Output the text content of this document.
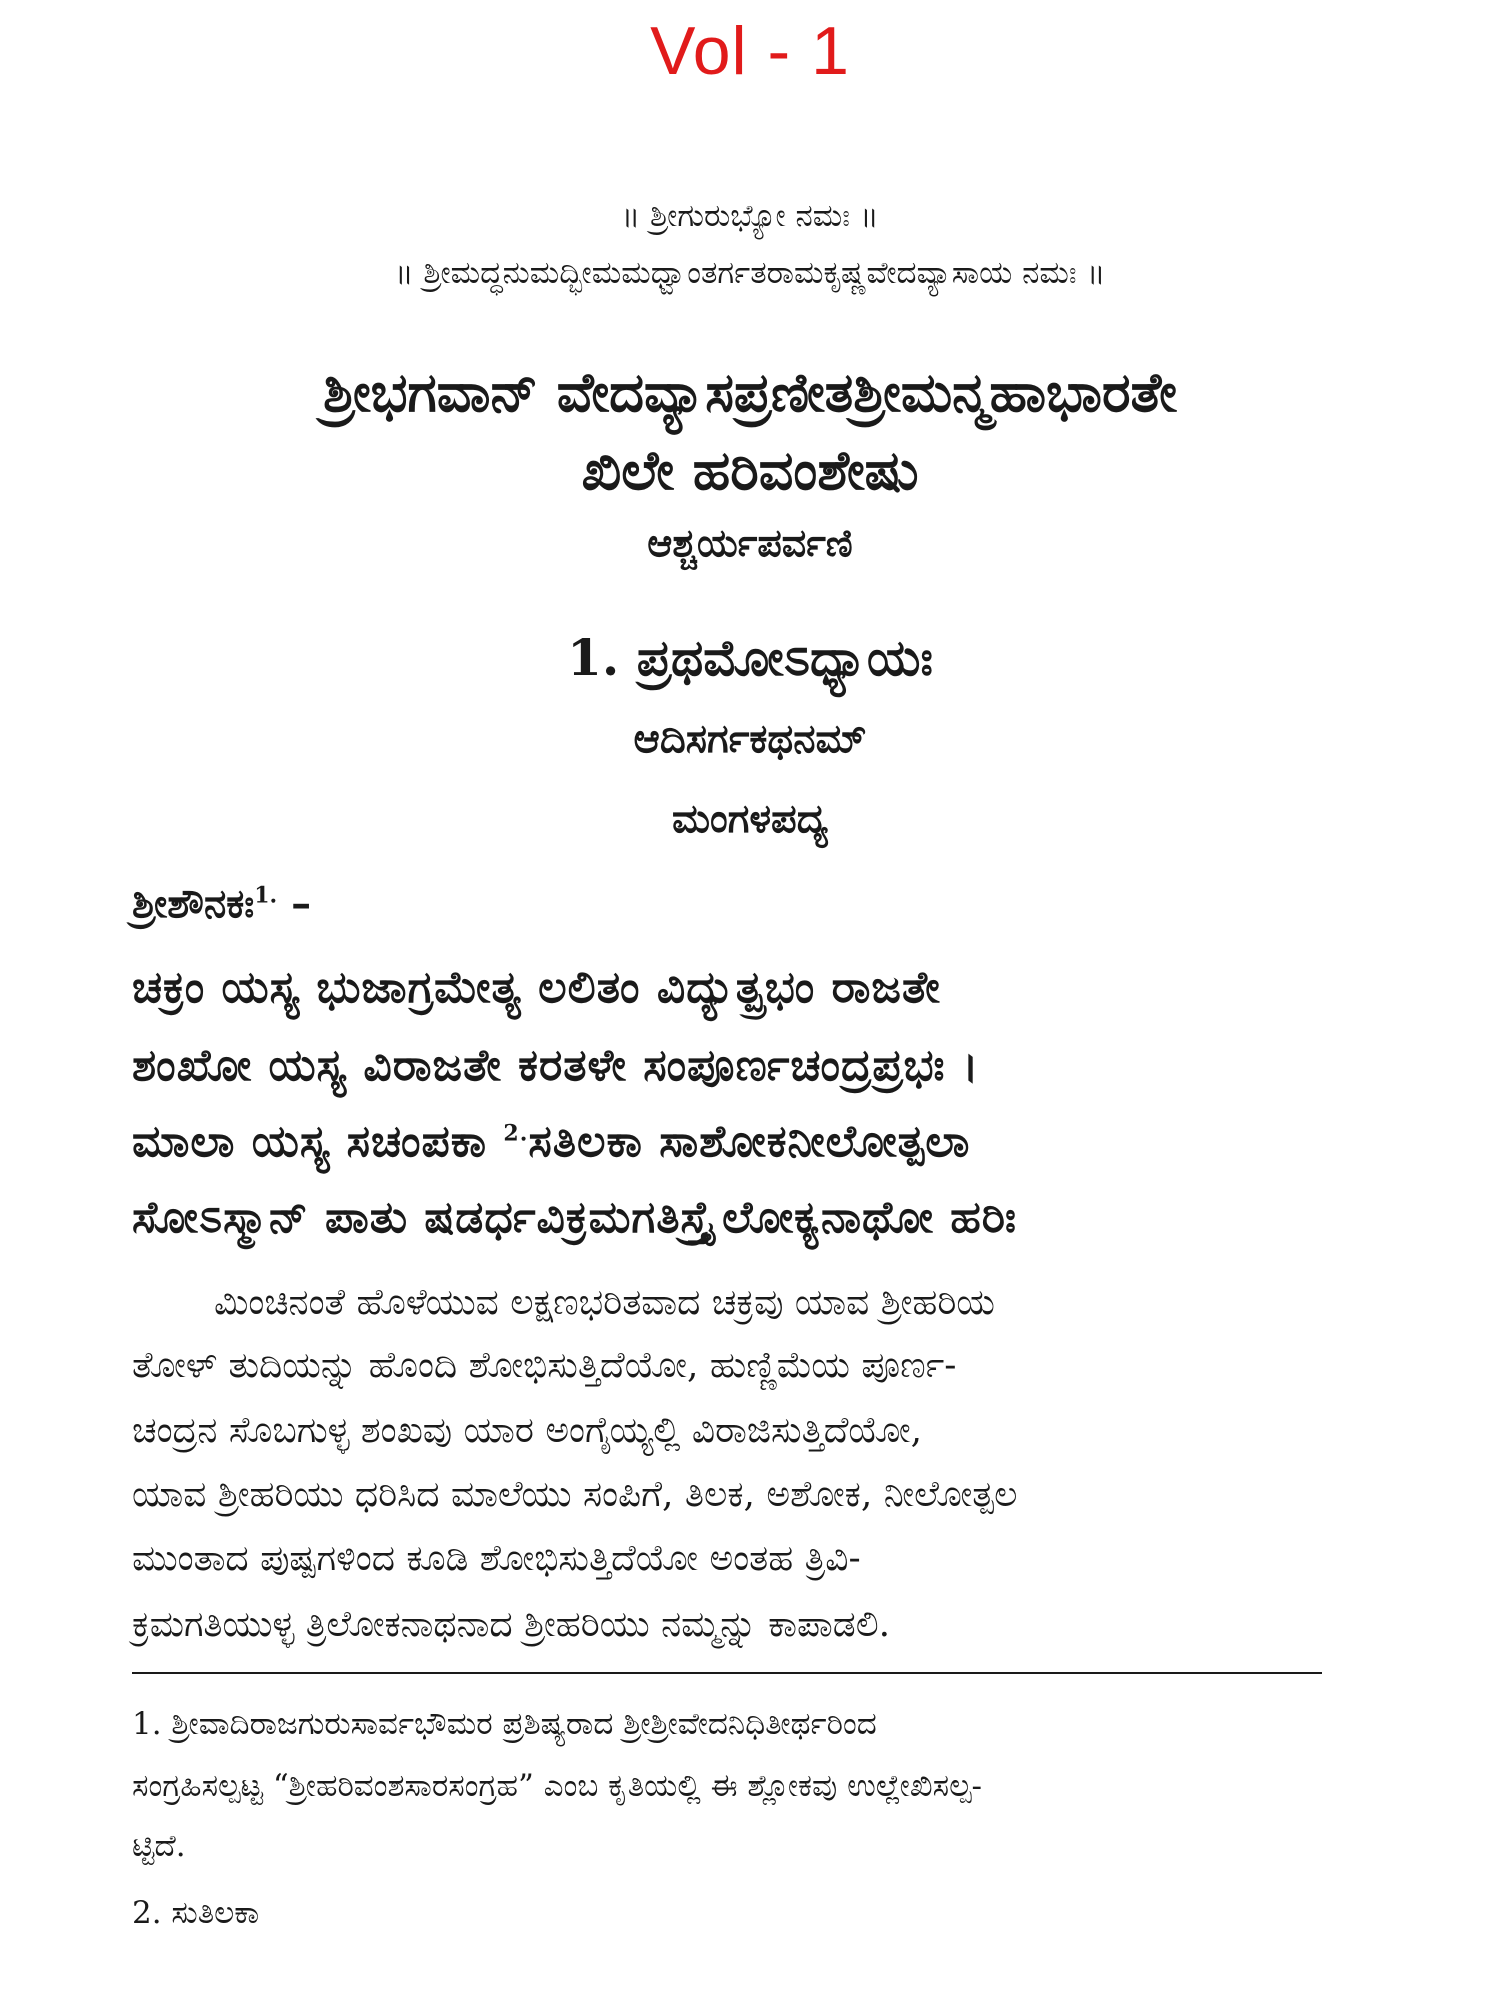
Vol - 1
॥ ಶ್ರೀಗುರುಭ್ಯೋ ನಮಃ ॥
॥ ಶ್ರೀಮದ್ಧನುಮದ್ಭೀಮಮಧ್ವಾಂತರ್ಗತರಾಮಕೃಷ್ಣವೇದವ್ಯಾಸಾಯ ನಮಃ ॥
ಶ್ರೀಭಗವಾನ್ ವೇದವ್ಯಾಸಪ್ರಣೀತಶ್ರೀಮನ್ಮಹಾಭಾರತೇ
ಖಿಲೇ ಹರಿವಂಶೇಷು
ಆಶ್ಚರ್ಯಪರ್ವಣಿ
1. ಪ್ರಥಮೋಽಧ್ಯಾಯಃ
ಆದಿಸರ್ಗಕಥನಮ್
ಮಂಗಳಪದ್ಯ
ಶ್ರೀಶೌನಕಃ$^{1.}$ –
ಚಕ್ರಂ ಯಸ್ಯ ಭುಜಾಗ್ರಮೇತ್ಯ ಲಲಿತಂ ವಿದ್ಯುತ್ಪ್ರಭಂ ರಾಜತೇ
ಶಂಖೋ ಯಸ್ಯ ವಿರಾಜತೇ ಕರತಳೇ ಸಂಪೂರ್ಣಚಂದ್ರಪ್ರಭಃ ।
ಮಾಲಾ ಯಸ್ಯ ಸಚಂಪಕಾ $^{2.}$ಸತಿಲಕಾ ಸಾಶೋಕನೀಲೋತ್ಪಲಾ
ಸೋಽಸ್ಮಾನ್ ಪಾತು ಷಡರ್ಧವಿಕ್ರಮಗತಿಸ್ತ್ರೈಲೋಕ್ಯನಾಥೋ ಹರಿಃ
ಮಿಂಚಿನಂತೆ ಹೊಳೆಯುವ ಲಕ್ಷಣಭರಿತವಾದ ಚಕ್ರವು ಯಾವ ಶ್ರೀಹರಿಯ
ತೋಳ್ ತುದಿಯನ್ನು ಹೊಂದಿ ಶೋಭಿಸುತ್ತಿದೆಯೋ, ಹುಣ್ಣಿಮೆಯ ಪೂರ್ಣ-
ಚಂದ್ರನ ಸೊಬಗುಳ್ಳ ಶಂಖವು ಯಾರ ಅಂಗೈಯ್ಯಲ್ಲಿ ವಿರಾಜಿಸುತ್ತಿದೆಯೋ,
ಯಾವ ಶ್ರೀಹರಿಯು ಧರಿಸಿದ ಮಾಲೆಯು ಸಂಪಿಗೆ, ತಿಲಕ, ಅಶೋಕ, ನೀಲೋತ್ಪಲ
ಮುಂತಾದ ಪುಷ್ಪಗಳಿಂದ ಕೂಡಿ ಶೋಭಿಸುತ್ತಿದೆಯೋ ಅಂತಹ ತ್ರಿವಿ-
ಕ್ರಮಗತಿಯುಳ್ಳ ತ್ರಿಲೋಕನಾಥನಾದ ಶ್ರೀಹರಿಯು ನಮ್ಮನ್ನು ಕಾಪಾಡಲಿ.
1. ಶ್ರೀವಾದಿರಾಜಗುರುಸಾರ್ವಭೌಮರ ಪ್ರಶಿಷ್ಯರಾದ ಶ್ರೀಶ್ರೀವೇದನಿಧಿತೀರ್ಥರಿಂದ
ಸಂಗ್ರಹಿಸಲ್ಪಟ್ಟ “ಶ್ರೀಹರಿವಂಶಸಾರಸಂಗ್ರಹ” ಎಂಬ ಕೃತಿಯಲ್ಲಿ ಈ ಶ್ಲೋಕವು ಉಲ್ಲೇಖಿಸಲ್ಪ-
ಟ್ಟಿದೆ.
2. ಸುತಿಲಕಾ
